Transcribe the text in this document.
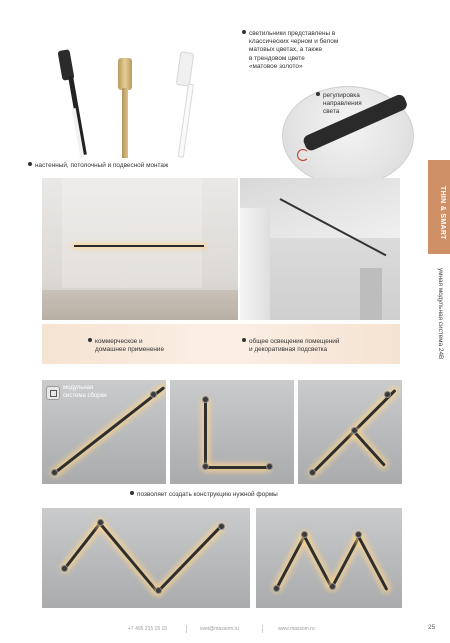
светильники представлены в
классических черном и белом
матовых цветах, а также
в трендовом цвете
«матовое золото»
регулировка
направления
света
настенный, потолочный и подвесной монтаж
THIN & SMART
умная модульная система 24В
коммерческое и
домашнее применение
общее освещение помещений
и декоративная подсветка
модульная
система сборки
позволяет создать конструкцию нужной формы
+7 495 215 15 15	svet@maxsom.ru	www.maxsom.ru	25
